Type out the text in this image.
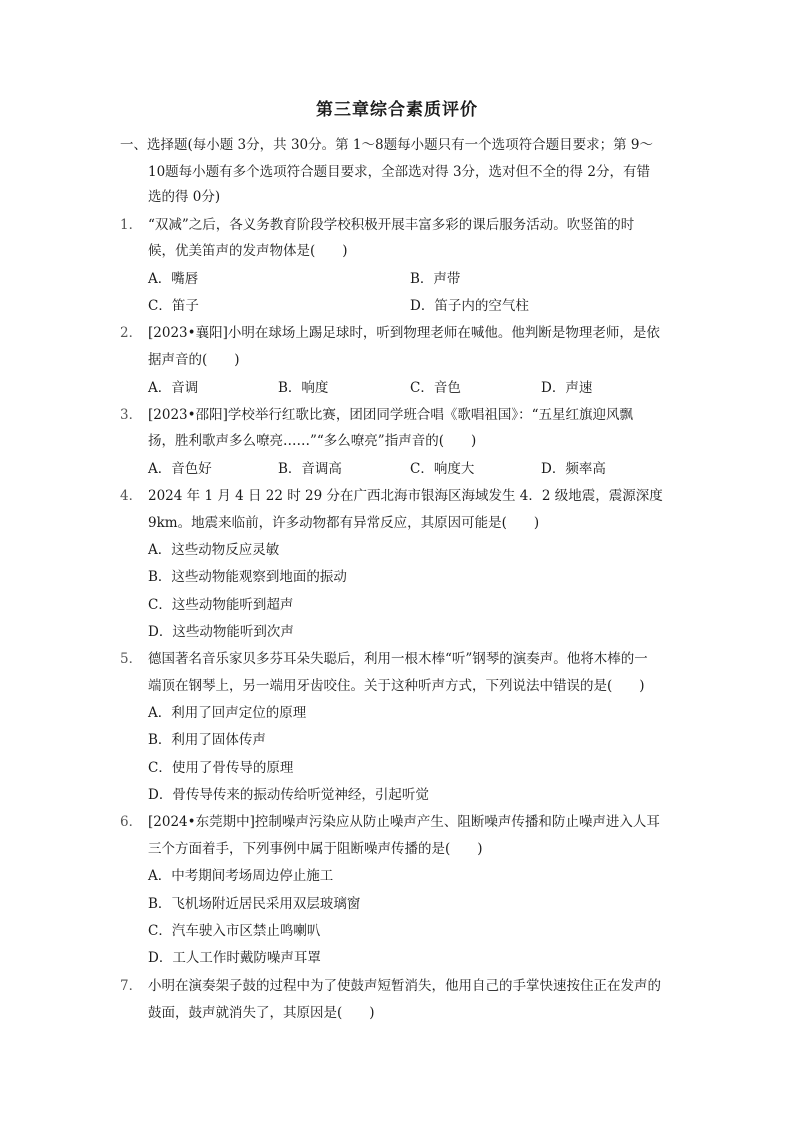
第三章综合素质评价
一、选择题(每小题 3分，共 30分。第 1～8题每小题只有一个选项符合题目要求；第 9～
10题每小题有多个选项符合题目要求，全部选对得 3分，选对但不全的得 2分，有错
选的得 0分)
1． “双减”之后，各义务教育阶段学校积极开展丰富多彩的课后服务活动。吹竖笛的时
候，优美笛声的发声物体是(　　)
A．嘴唇	B．声带
C．笛子	D．笛子内的空气柱
2． [2023•襄阳]小明在球场上踢足球时，听到物理老师在喊他。他判断是物理老师，是依
据声音的(　　)
A．音调	B．响度	C．音色	D．声速
3． [2023•邵阳]学校举行红歌比赛，团团同学班合唱《歌唱祖国》：“五星红旗迎风飘
扬，胜利歌声多么嘹亮……”“多么嘹亮”指声音的(　　)
A．音色好	B．音调高	C．响度大	D．频率高
4． 2024 年 1 月 4 日 22 时 29 分在广西北海市银海区海域发生 4．2 级地震，震源深度
9km。地震来临前，许多动物都有异常反应，其原因可能是(　　)
A．这些动物反应灵敏
B．这些动物能观察到地面的振动
C．这些动物能听到超声
D．这些动物能听到次声
5． 德国著名音乐家贝多芬耳朵失聪后，利用一根木棒“听”钢琴的演奏声。他将木棒的一
端顶在钢琴上，另一端用牙齿咬住。关于这种听声方式，下列说法中错误的是(　　)
A．利用了回声定位的原理
B．利用了固体传声
C．使用了骨传导的原理
D．骨传导传来的振动传给听觉神经，引起听觉
6． [2024•东莞期中]控制噪声污染应从防止噪声产生、阻断噪声传播和防止噪声进入人耳
三个方面着手，下列事例中属于阻断噪声传播的是(　　)
A．中考期间考场周边停止施工
B．飞机场附近居民采用双层玻璃窗
C．汽车驶入市区禁止鸣喇叭
D．工人工作时戴防噪声耳罩
7． 小明在演奏架子鼓的过程中为了使鼓声短暂消失，他用自己的手掌快速按住正在发声的
鼓面，鼓声就消失了，其原因是(　　)
